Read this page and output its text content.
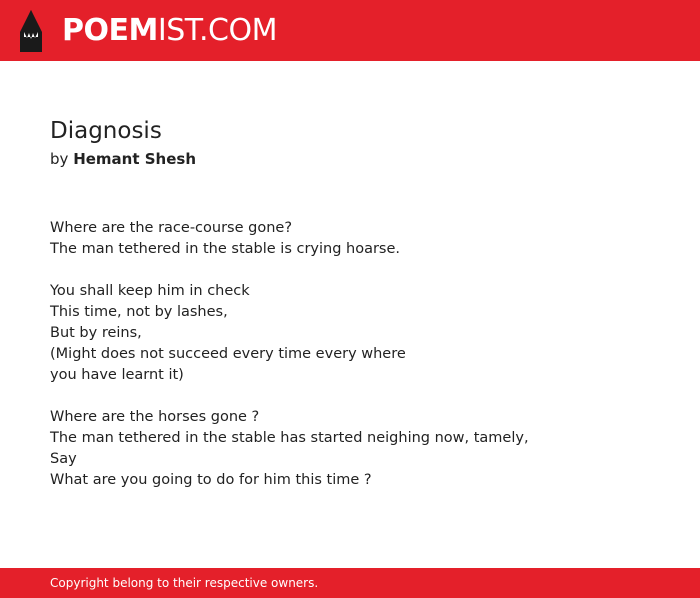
POEMIST.COM
Diagnosis
by Hemant Shesh
Where are the race-course gone?
The man tethered in the stable is crying hoarse.
You shall keep him in check
This time, not by lashes,
But by reins,
(Might does not succeed every time every where
you have learnt it)
Where are the horses gone ?
The man tethered in the stable has started neighing now, tamely,
Say
What are you going to do for him this time ?
Copyright belong to their respective owners.
